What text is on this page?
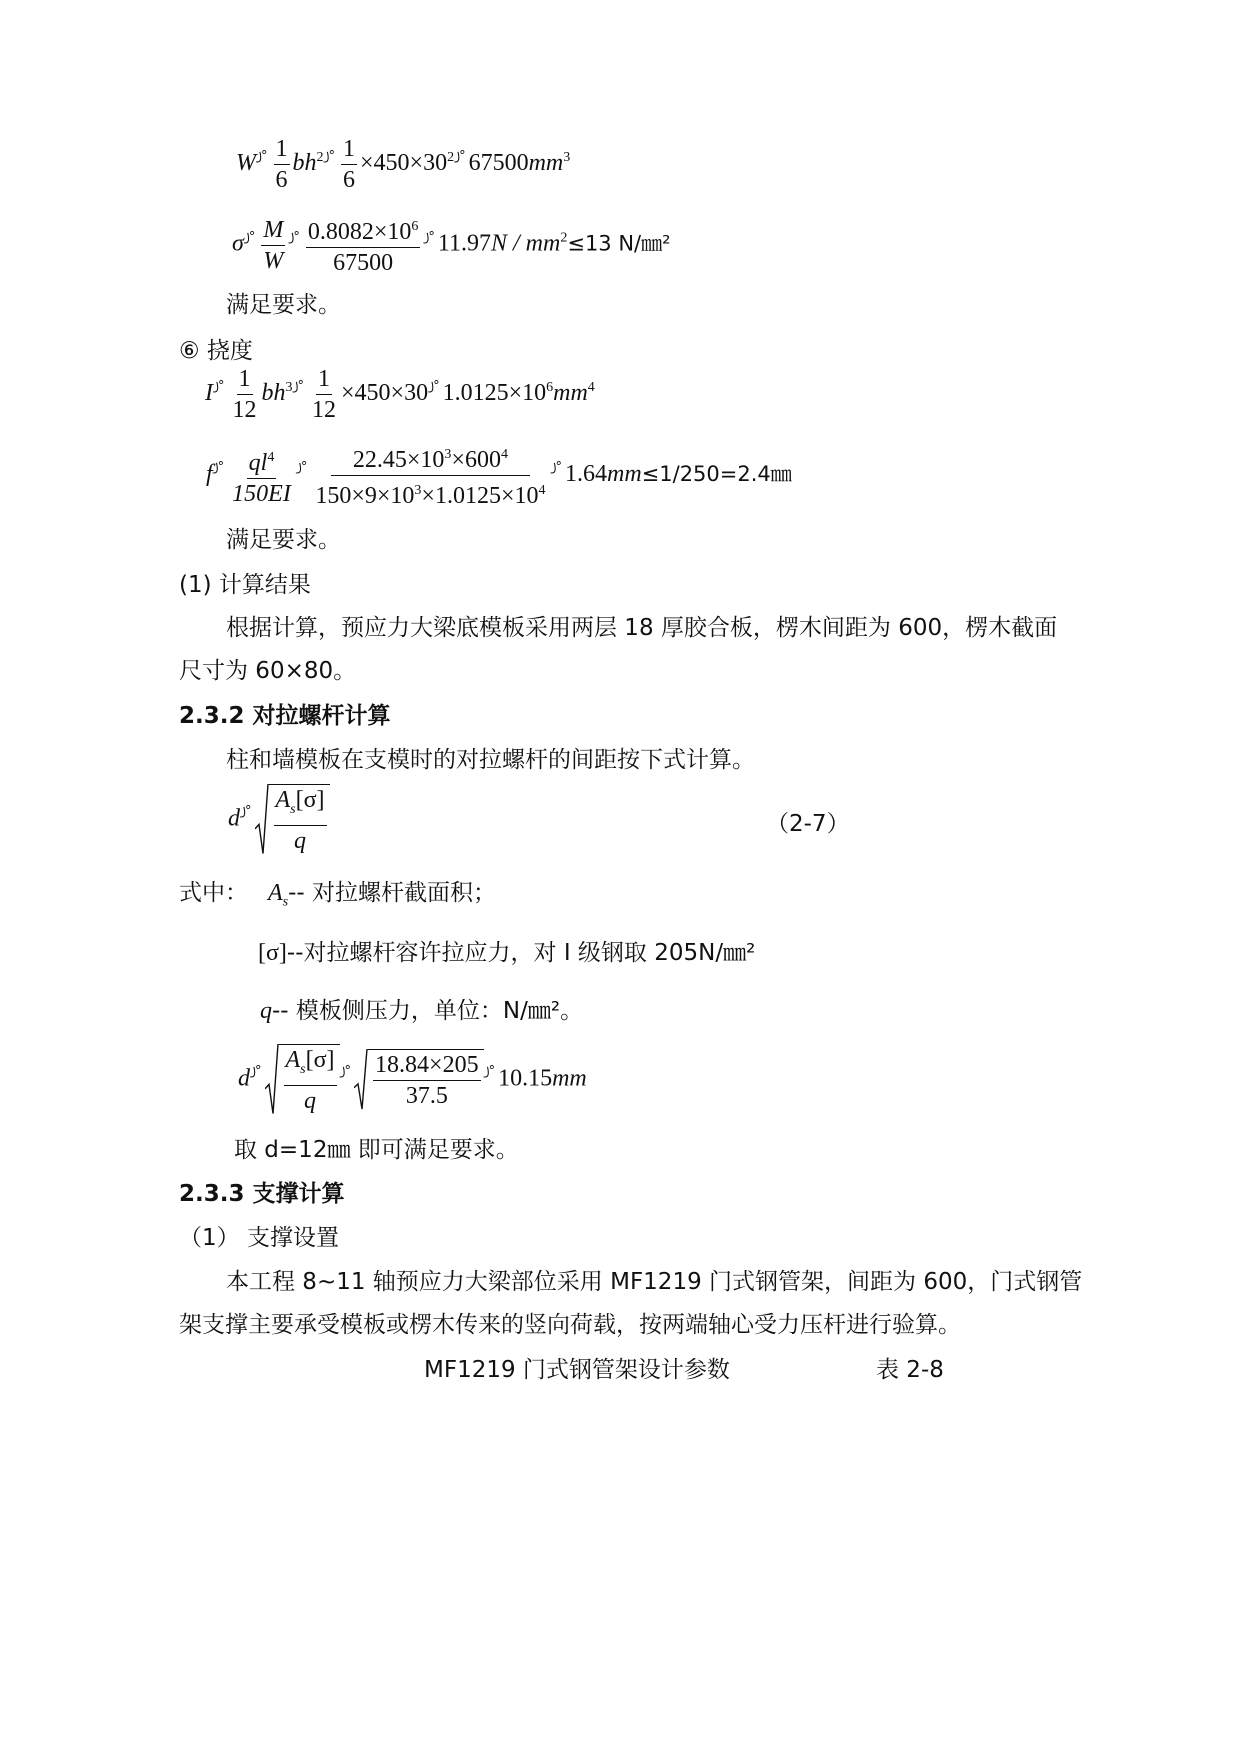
W $^{꠸^\circ} \frac{1}{6} bh^2$ $^{꠸^\circ} \frac{1}{6} \times 450\times 30^2$ ꠸° $67500mm^3$
σ $^{꠸^\circ} \frac{M}{W} ^{꠸^\circ} \frac{0.8082\times 10^6}{67500} ^{꠸^\circ}$ $11.97N / mm^2\le 13$ N/㎜²
满足要求。
⑥ 挠度
I $^{꠸^\circ} \frac{1}{12} bh^3$ $^{꠸^\circ} \frac{1}{12} \times 450\times 30$ ꠸° $1.0125\times 10^6mm^4$
f $^{꠸^\circ} \frac{ql^4}{150EI} ^{꠸^\circ} \frac{22.45\times 10^3\times 600^4}{150\times 9\times 10^3\times 1.0125\times 10^4} ^{꠸^\circ}$ 1.64mm≤1/250=2.4㎜
满足要求。
(1) 计算结果
根据计算，预应力大梁底模板采用两层 18 厚胶合板，楞木间距为 600，楞木截面
尺寸为 60×80。
2.3.2 对拉螺杆计算
柱和墙模板在支模时的对拉螺杆的间距按下式计算。
d $^{꠸^\circ} \frac{A_s[\sigma]}{q}$	（2-7）
式中： $A_s--$ 对拉螺杆截面积；
[σ]--对拉螺杆容许拉应力，对 I 级钢取 205N/㎜²
q-- 模板侧压力，单位：N/㎜²。
d $^{꠸^\circ} \frac{A_s[\sigma]}{q} ^{꠸^\circ} \frac{18.84\times 205}{37.5} ^{꠸^\circ}$ 10.15mm
取 d=12㎜ 即可满足要求。
2.3.3 支撑计算
（1） 支撑设置
本工程 8~11 轴预应力大梁部位采用 MF1219 门式钢管架，间距为 600，门式钢管
架支撑主要承受模板或楞木传来的竖向荷载，按两端轴心受力压杆进行验算。
MF1219 门式钢管架设计参数	表 2-8
